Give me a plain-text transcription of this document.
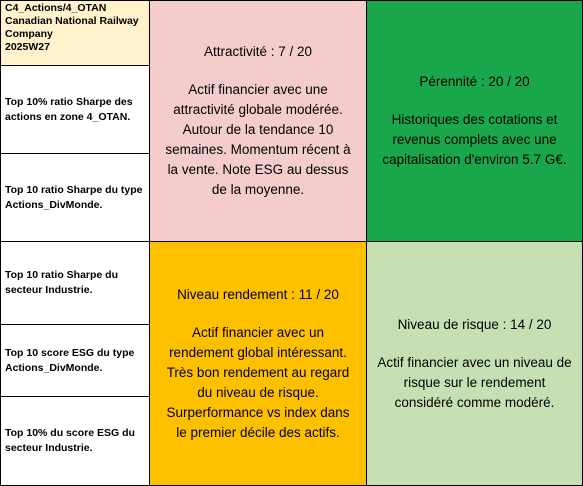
C4_Actions/4_OTAN
Canadian National Railway
Company
2025W27
Top 10% ratio Sharpe des actions en zone 4_OTAN.
Top 10 ratio Sharpe du type Actions_DivMonde.
Top 10 ratio Sharpe du secteur Industrie.
Top 10 score ESG du type Actions_DivMonde.
Top 10% du score ESG du secteur Industrie.
Attractivité : 7 / 20
Actif financier avec une attractivité globale modérée. Autour de la tendance 10 semaines. Momentum récent à la vente. Note ESG au dessus de la moyenne.
Pérennité : 20 / 20
Historiques des cotations et revenus complets avec une capitalisation d'environ 5.7 G€.
Niveau rendement : 11 / 20
Actif financier avec un rendement global intéressant. Très bon rendement au regard du niveau de risque. Surperformance vs index dans le premier décile des actifs.
Niveau de risque : 14 / 20
Actif financier avec un niveau de risque sur le rendement considéré comme modéré.
